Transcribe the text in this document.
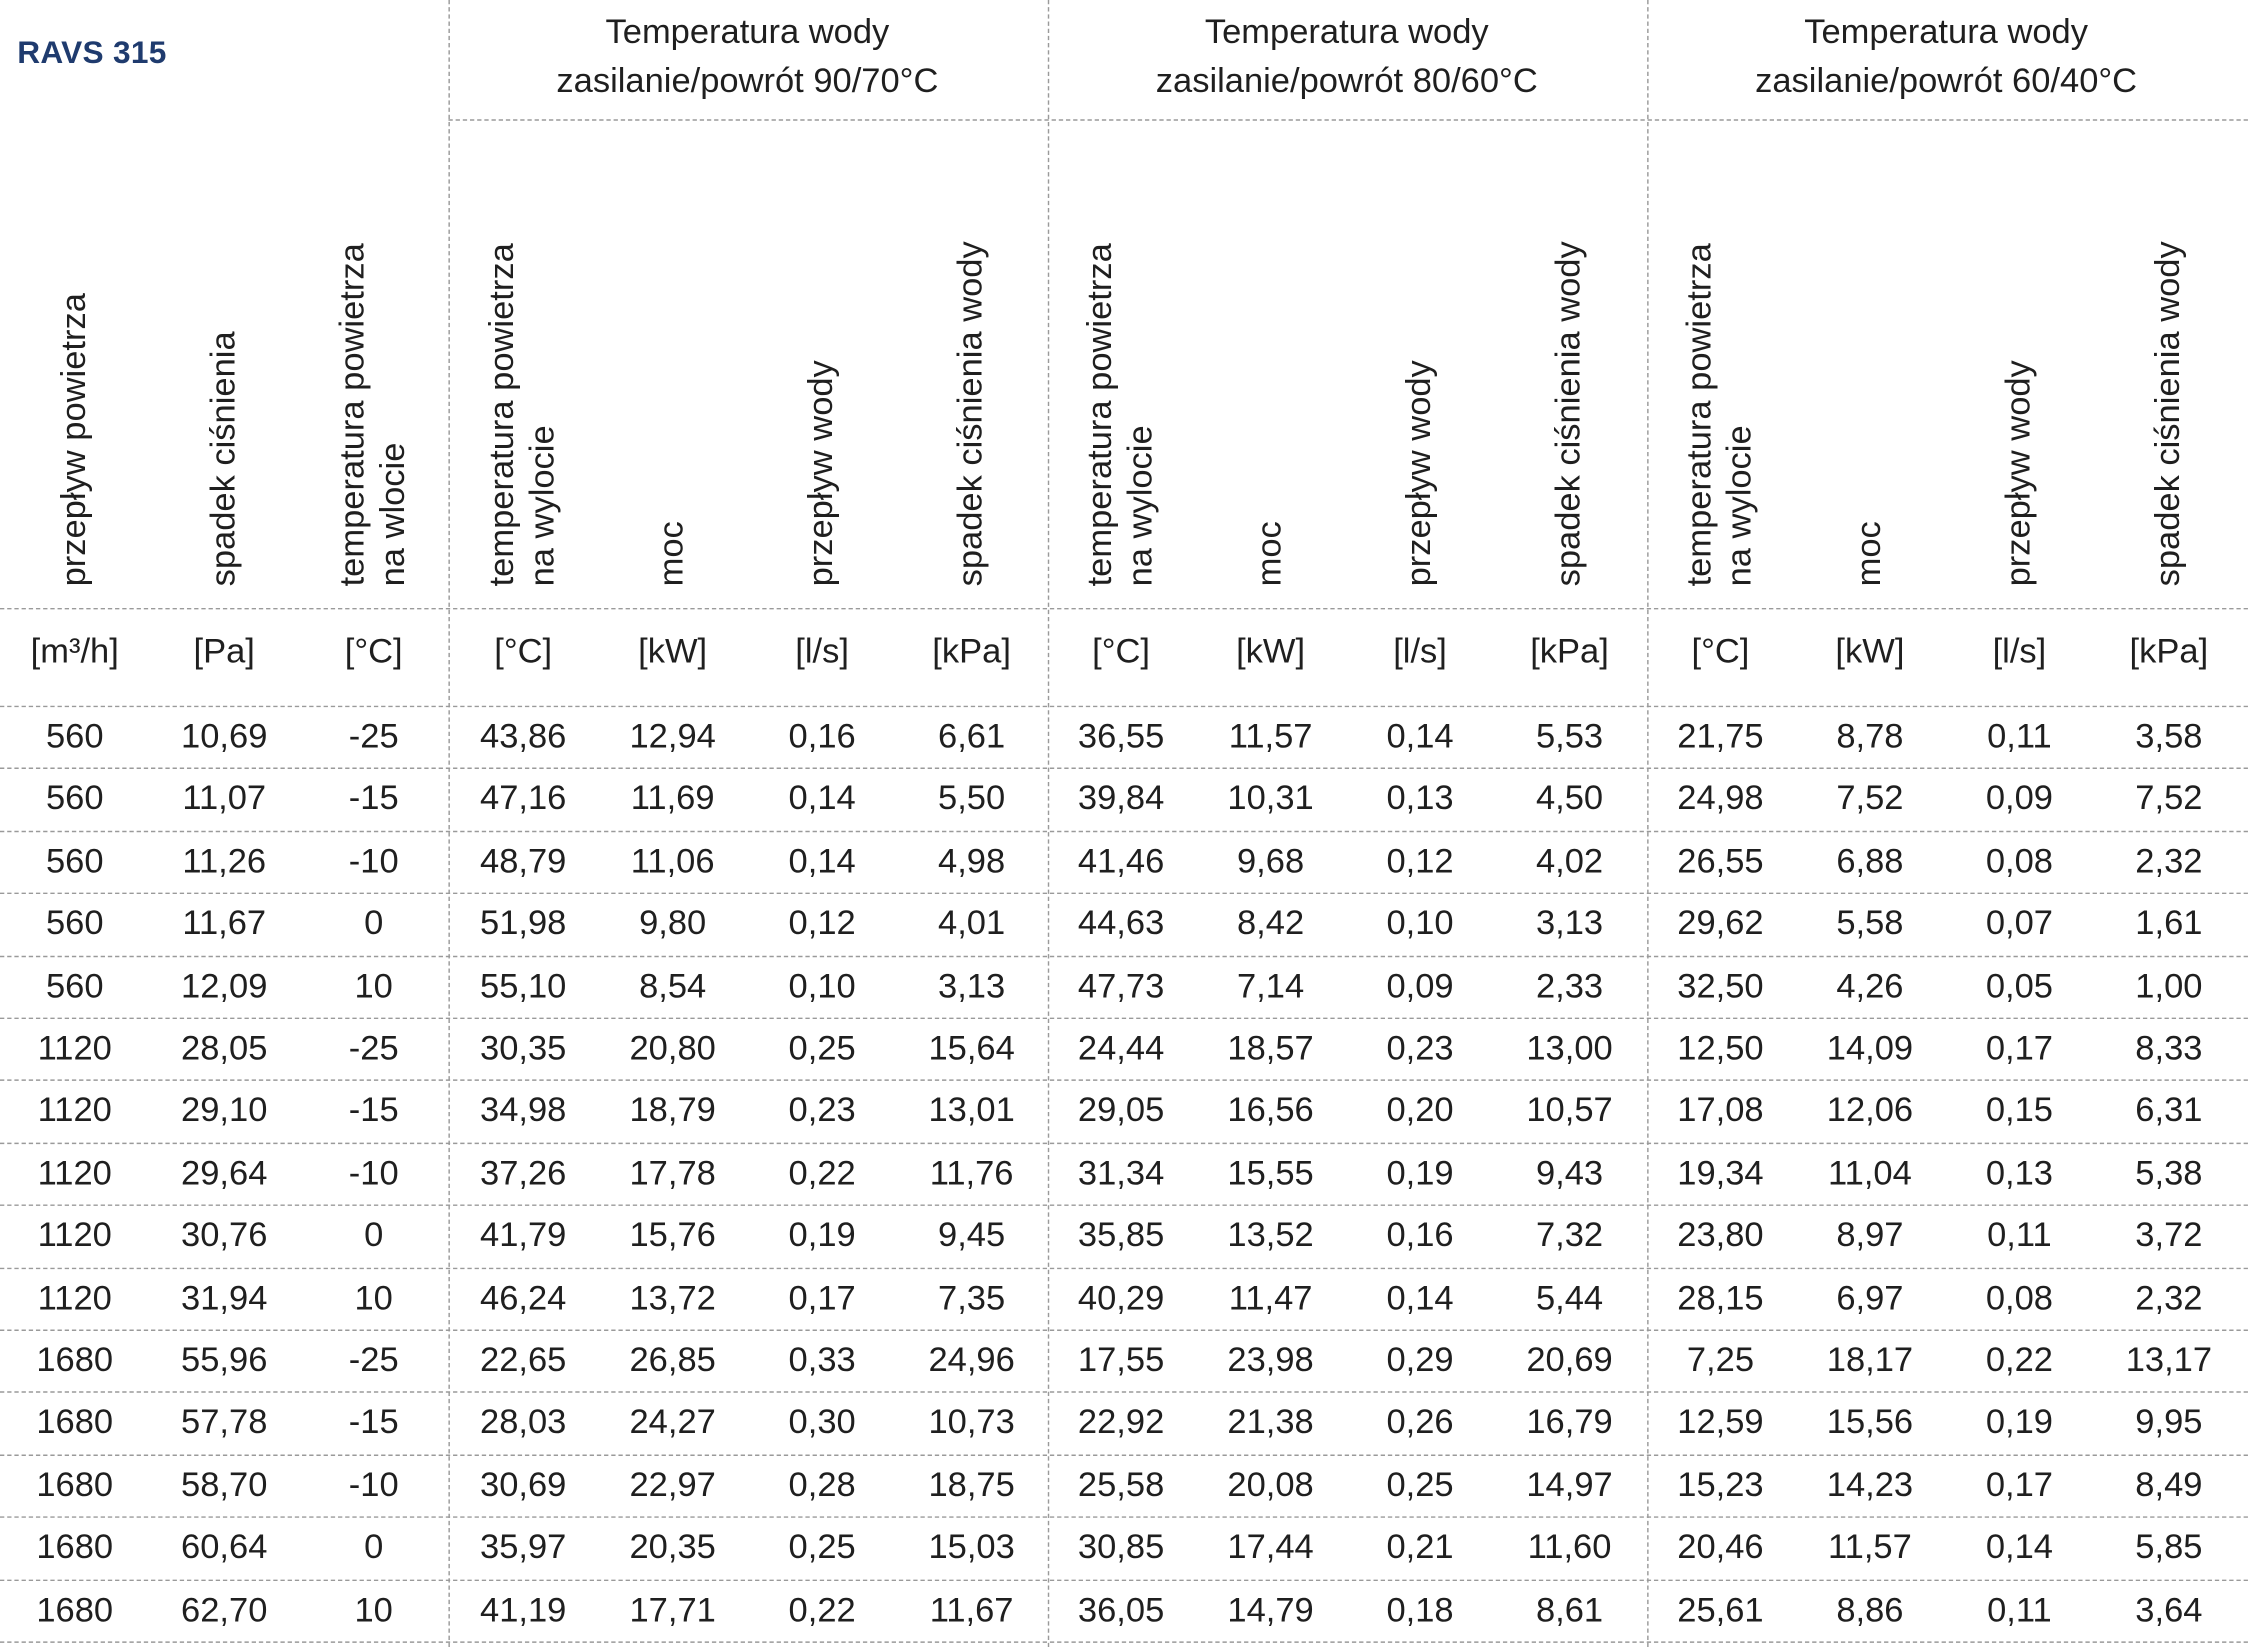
RAVS 315
Temperatura wody
zasilanie/powrót 90/70°C
Temperatura wody
zasilanie/powrót 80/60°C
Temperatura wody
zasilanie/powrót 60/40°C
przepływ powietrza	spadek ciśnienia	temperatura powietrza na wlocie	temperatura powietrza na wylocie	moc	przepływ wody	spadek ciśnienia wody	temperatura powietrza na wylocie	moc	przepływ wody	spadek ciśnienia wody	temperatura powietrza na wylocie	moc	przepływ wody	spadek ciśnienia wody
[m³/h]	[Pa]	[°C]	[°C]	[kW]	[l/s]	[kPa]	[°C]	[kW]	[l/s]	[kPa]	[°C]	[kW]	[l/s]	[kPa]
560	10,69	-25	43,86	12,94	0,16	6,61	36,55	11,57	0,14	5,53	21,75	8,78	0,11	3,58
560	11,07	-15	47,16	11,69	0,14	5,50	39,84	10,31	0,13	4,50	24,98	7,52	0,09	7,52
560	11,26	-10	48,79	11,06	0,14	4,98	41,46	9,68	0,12	4,02	26,55	6,88	0,08	2,32
560	11,67	0	51,98	9,80	0,12	4,01	44,63	8,42	0,10	3,13	29,62	5,58	0,07	1,61
560	12,09	10	55,10	8,54	0,10	3,13	47,73	7,14	0,09	2,33	32,50	4,26	0,05	1,00
1120	28,05	-25	30,35	20,80	0,25	15,64	24,44	18,57	0,23	13,00	12,50	14,09	0,17	8,33
1120	29,10	-15	34,98	18,79	0,23	13,01	29,05	16,56	0,20	10,57	17,08	12,06	0,15	6,31
1120	29,64	-10	37,26	17,78	0,22	11,76	31,34	15,55	0,19	9,43	19,34	11,04	0,13	5,38
1120	30,76	0	41,79	15,76	0,19	9,45	35,85	13,52	0,16	7,32	23,80	8,97	0,11	3,72
1120	31,94	10	46,24	13,72	0,17	7,35	40,29	11,47	0,14	5,44	28,15	6,97	0,08	2,32
1680	55,96	-25	22,65	26,85	0,33	24,96	17,55	23,98	0,29	20,69	7,25	18,17	0,22	13,17
1680	57,78	-15	28,03	24,27	0,30	10,73	22,92	21,38	0,26	16,79	12,59	15,56	0,19	9,95
1680	58,70	-10	30,69	22,97	0,28	18,75	25,58	20,08	0,25	14,97	15,23	14,23	0,17	8,49
1680	60,64	0	35,97	20,35	0,25	15,03	30,85	17,44	0,21	11,60	20,46	11,57	0,14	5,85
1680	62,70	10	41,19	17,71	0,22	11,67	36,05	14,79	0,18	8,61	25,61	8,86	0,11	3,64
